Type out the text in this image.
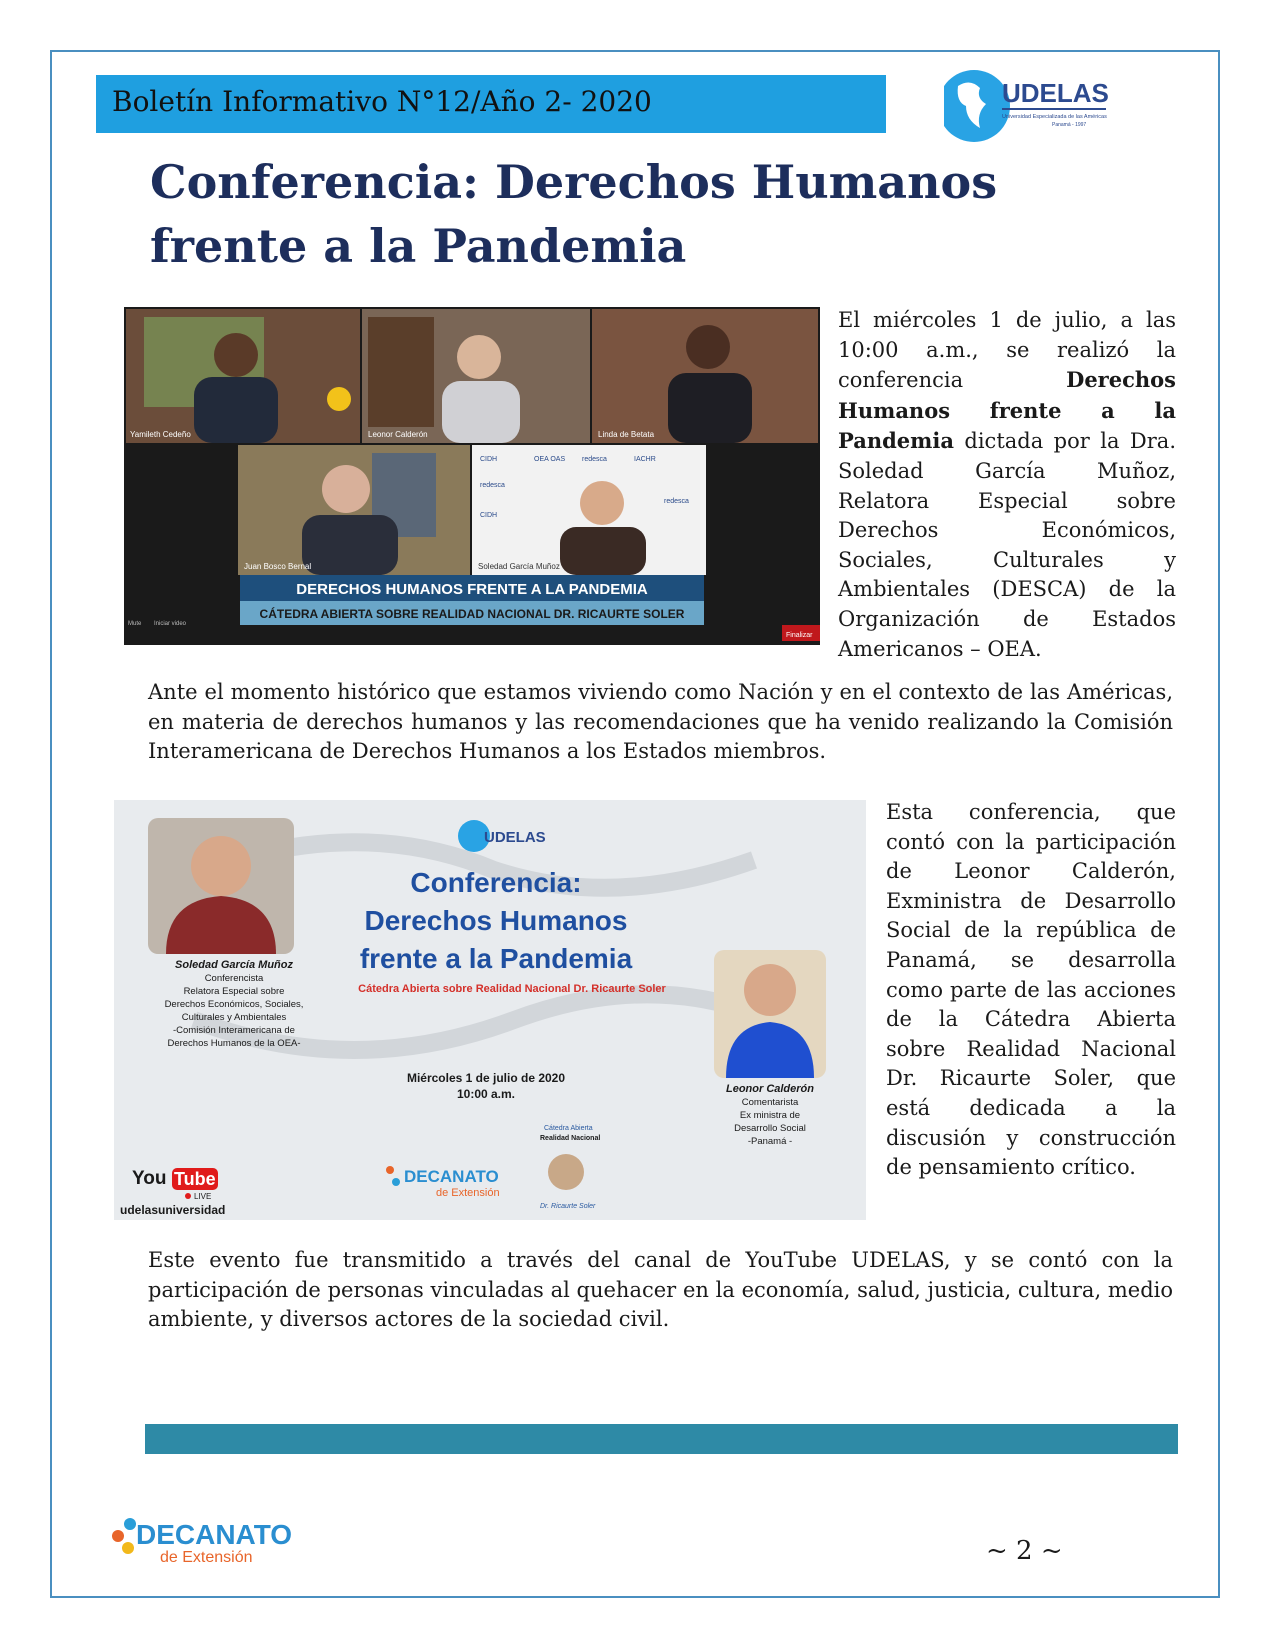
Boletín Informativo N°12/Año 2- 2020	UDELAS
Universidad Especializada de las Américas
Panamá - 1997
Conferencia: Derechos Humanos frente a la Pandemia
Yamileth Cedeño	Leonor Calderón	Linda de Betata
Juan Bosco Bernal
CIDH	OEA OAS redesca	IACHR
redesca
redesca
CIDH
Soledad García Muñoz
DERECHOS HUMANOS FRENTE A LA PANDEMIA
CÁTEDRA ABIERTA SOBRE REALIDAD NACIONAL DR. RICAURTE SOLER
Mute Iniciar video
Finalizar

El miércoles 1 de julio, a las 10:00 a.m., se realizó la conferencia Derechos Humanos frente a la Pandemia dictada por la Dra. Soledad García Muñoz, Relatora Especial sobre Derechos Económicos, Sociales, Culturales y Ambientales (DESCA) de la Organización de Estados Americanos – OEA.

Ante el momento histórico que estamos viviendo como Nación y en el contexto de las Américas, en materia de derechos humanos y las recomendaciones que ha venido realizando la Comisión Interamericana de Derechos Humanos a los Estados miembros.

UDELAS
Conferencia:
Derechos Humanos
frente a la Pandemia
Cátedra Abierta sobre Realidad Nacional Dr. Ricaurte Soler
Soledad García Muñoz
Conferencista
Relatora Especial sobre
Derechos Económicos, Sociales,
Culturales y Ambientales
-Comisión Interamericana de
Derechos Humanos de la OEA-
Miércoles 1 de julio de 2020
10:00 a.m.	Leonor Calderón
Comentarista
Ex ministra de
Desarrollo Social
-Panamá -
You Tube
LIVE
udelasuniversidad
DECANATO
de Extensión
Cátedra Abierta
Realidad Nacional
Dr. Ricaurte Soler

Esta conferencia, que contó con la participación de Leonor Calderón, Exministra de Desarrollo Social de la república de Panamá, se desarrolla como parte de las acciones de la Cátedra Abierta sobre Realidad Nacional Dr. Ricaurte Soler, que está dedicada a la discusión y construcción de pensamiento crítico.

Este evento fue transmitido a través del canal de YouTube UDELAS, y se contó con la participación de personas vinculadas al quehacer en la economía, salud, justicia, cultura, medio ambiente, y diversos actores de la sociedad civil.

DECANATO
de Extensión	~ 2 ~
